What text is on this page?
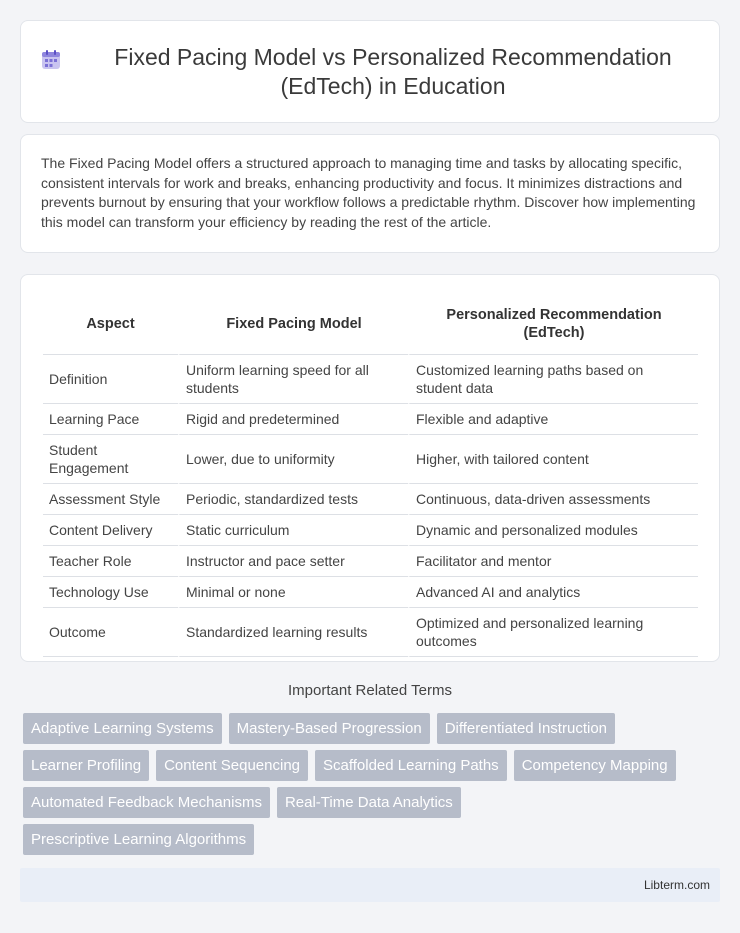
Fixed Pacing Model vs Personalized Recommendation (EdTech) in Education

The Fixed Pacing Model offers a structured approach to managing time and tasks by allocating specific, consistent intervals for work and breaks, enhancing productivity and focus. It minimizes distractions and prevents burnout by ensuring that your workflow follows a predictable rhythm. Discover how implementing this model can transform your efficiency by reading the rest of the article.

Aspect	Fixed Pacing Model	Personalized Recommendation (EdTech)
Definition	Uniform learning speed for all students	Customized learning paths based on student data
Learning Pace	Rigid and predetermined	Flexible and adaptive
Student Engagement	Lower, due to uniformity	Higher, with tailored content
Assessment Style	Periodic, standardized tests	Continuous, data-driven assessments
Content Delivery	Static curriculum	Dynamic and personalized modules
Teacher Role	Instructor and pace setter	Facilitator and mentor
Technology Use	Minimal or none	Advanced AI and analytics
Outcome	Standardized learning results	Optimized and personalized learning outcomes
Important Related Terms
Adaptive Learning Systems	Mastery-Based Progression	Differentiated Instruction
Learner Profiling	Content Sequencing	Scaffolded Learning Paths	Competency Mapping
Automated Feedback Mechanisms	Real-Time Data Analytics
Prescriptive Learning Algorithms
Libterm.com
